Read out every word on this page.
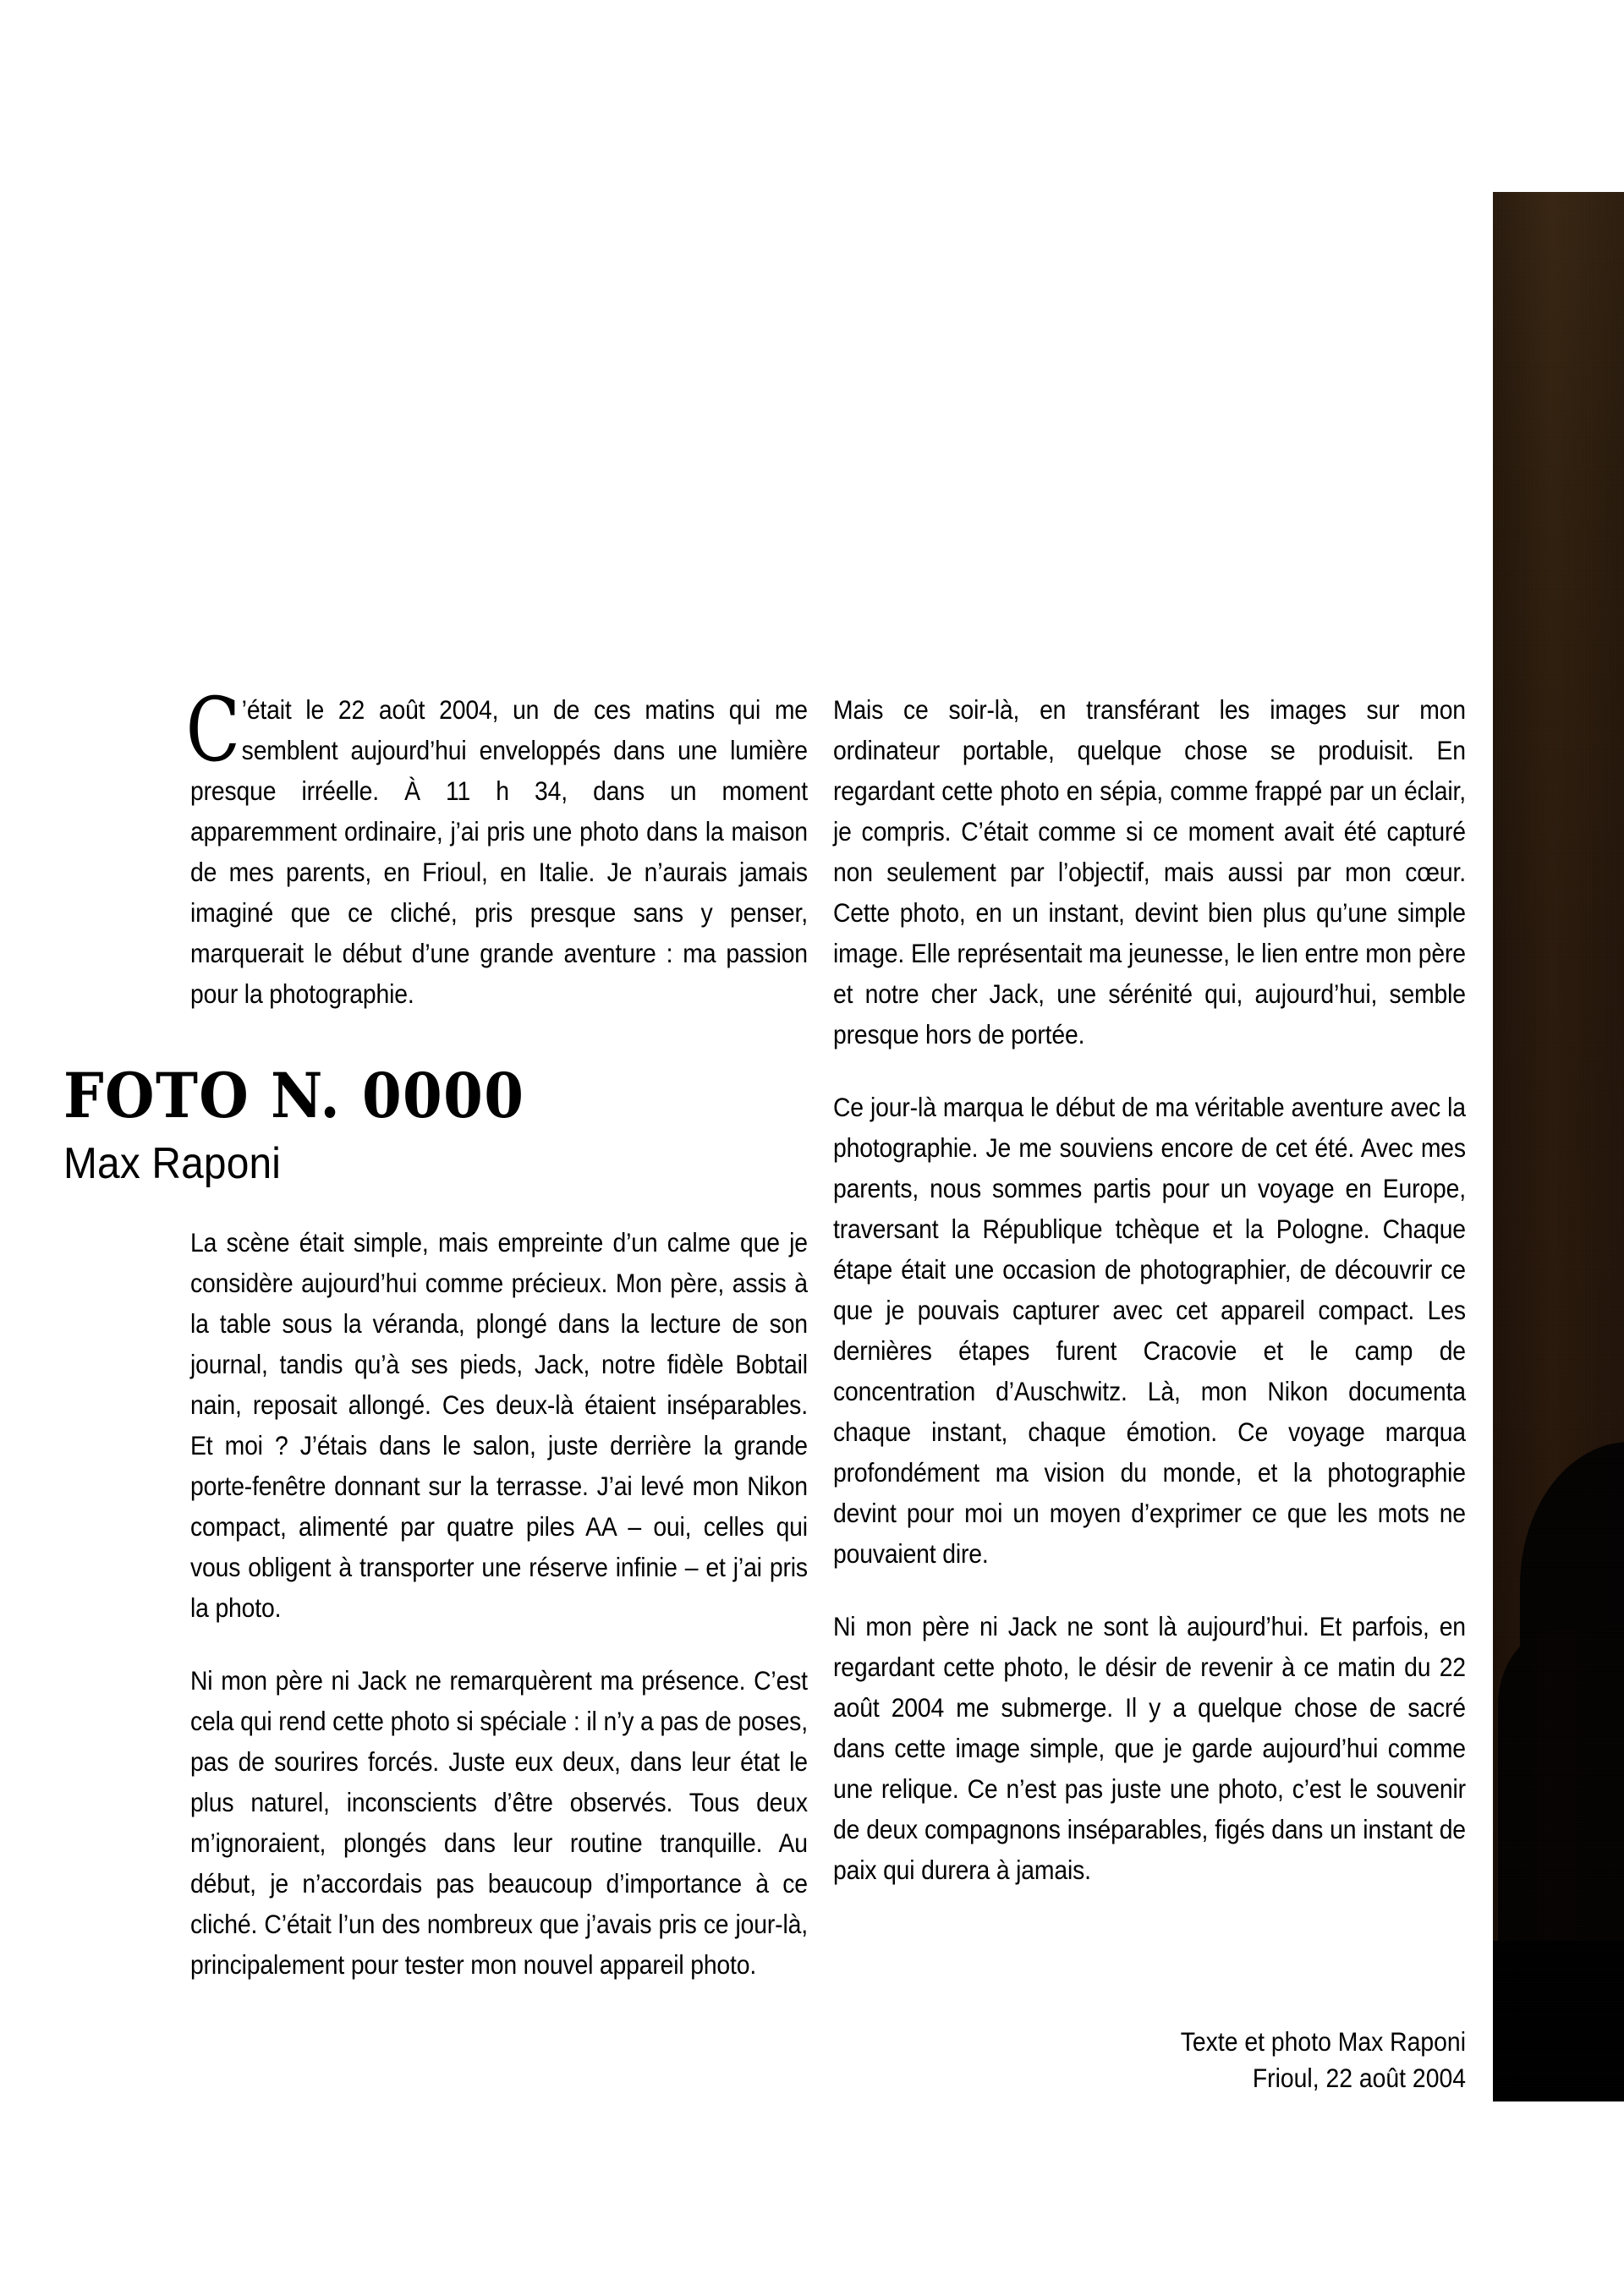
C ’était le 22 août 2004, un de ces matins qui me semblent aujourd’hui enveloppés dans une lumière presque irréelle. À 11 h 34, dans un moment apparemment ordinaire, j’ai pris une photo dans la maison de mes parents, en Frioul, en Italie. Je n’aurais jamais imaginé que ce cliché, pris presque sans y penser, marquerait le début d’une grande aventure : ma passion pour la photographie.

FOTO N. 0000
Max Raponi

La scène était simple, mais empreinte d’un calme que je considère aujourd’hui comme précieux. Mon père, assis à la table sous la véranda, plongé dans la lecture de son journal, tandis qu’à ses pieds, Jack, notre fidèle Bobtail nain, reposait allongé. Ces deux-là étaient inséparables. Et moi ? J’étais dans le salon, juste derrière la grande porte-fenêtre donnant sur la terrasse. J’ai levé mon Nikon compact, alimenté par quatre piles AA – oui, celles qui vous obligent à transporter une réserve infinie – et j’ai pris la photo.

Ni mon père ni Jack ne remarquèrent ma présence. C’est cela qui rend cette photo si spéciale : il n’y a pas de poses, pas de sourires forcés. Juste eux deux, dans leur état le plus naturel, inconscients d’être observés. Tous deux m’ignoraient, plongés dans leur routine tranquille. Au début, je n’accordais pas beaucoup d’importance à ce cliché. C’était l’un des nombreux que j’avais pris ce jour-là, principalement pour tester mon nouvel appareil photo.

Mais ce soir-là, en transférant les images sur mon ordinateur portable, quelque chose se produisit. En regardant cette photo en sépia, comme frappé par un éclair, je compris. C’était comme si ce moment avait été capturé non seulement par l’objectif, mais aussi par mon cœur. Cette photo, en un instant, devint bien plus qu’une simple image. Elle représentait ma jeunesse, le lien entre mon père et notre cher Jack, une sérénité qui, aujourd’hui, semble presque hors de portée.

Ce jour-là marqua le début de ma véritable aventure avec la photographie. Je me souviens encore de cet été. Avec mes parents, nous sommes partis pour un voyage en Europe, traversant la République tchèque et la Pologne. Chaque étape était une occasion de photographier, de découvrir ce que je pouvais capturer avec cet appareil compact. Les dernières étapes furent Cracovie et le camp de concentration d’Auschwitz. Là, mon Nikon documenta chaque instant, chaque émotion. Ce voyage marqua profondément ma vision du monde, et la photographie devint pour moi un moyen d’exprimer ce que les mots ne pouvaient dire.

Ni mon père ni Jack ne sont là aujourd’hui. Et parfois, en regardant cette photo, le désir de revenir à ce matin du 22 août 2004 me submerge. Il y a quelque chose de sacré dans cette image simple, que je garde aujourd’hui comme une relique. Ce n’est pas juste une photo, c’est le souvenir de deux compagnons inséparables, figés dans un instant de paix qui durera à jamais.

Texte et photo Max Raponi
Frioul, 22 août 2004
